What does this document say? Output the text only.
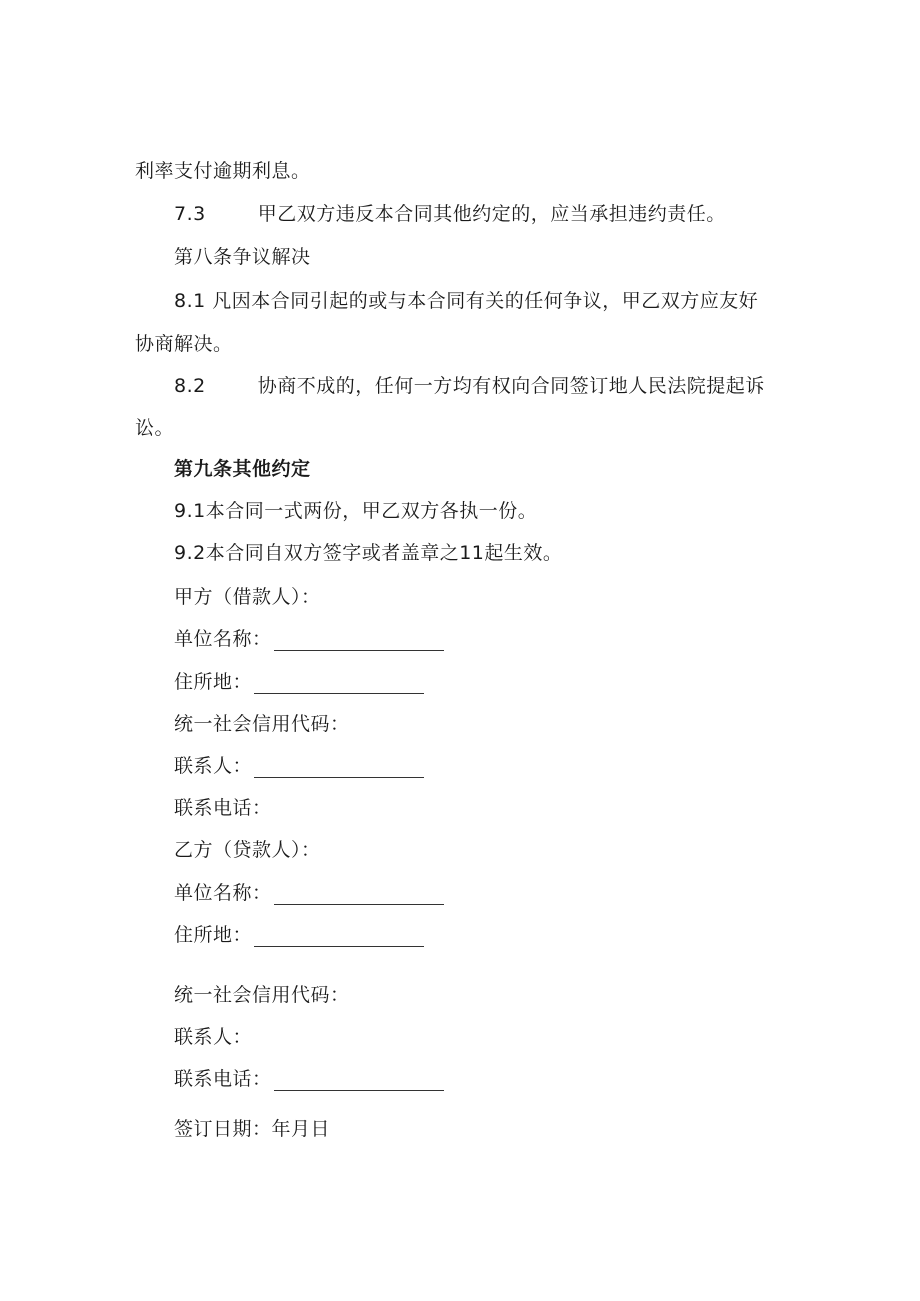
利率支付逾期利息。
7.3	甲乙双方违反本合同其他约定的，应当承担违约责任。
第八条争议解决
8.1 凡因本合同引起的或与本合同有关的任何争议，甲乙双方应友好
协商解决。
8.2	协商不成的，任何一方均有权向合同签订地人民法院提起诉
讼。
第九条其他约定
9.1本合同一式两份，甲乙双方各执一份。
9.2本合同自双方签字或者盖章之11起生效。
甲方（借款人）：
单位名称：
住所地：
统一社会信用代码：
联系人：
联系电话：
乙方（贷款人）：
单位名称：
住所地：
统一社会信用代码：
联系人：
联系电话：
签订日期：年月日
